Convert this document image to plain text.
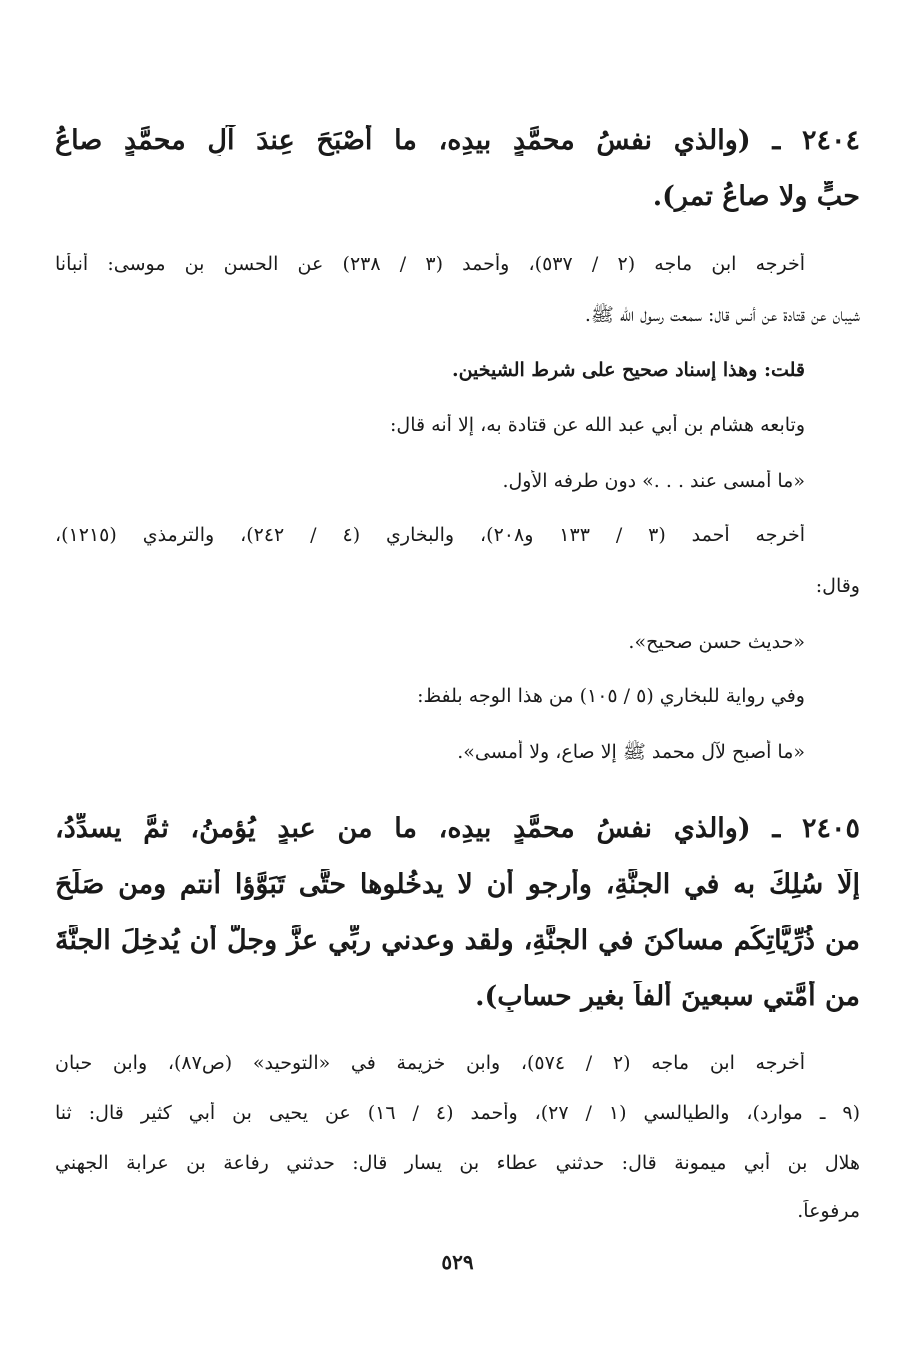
٢٤٠٤ ـ (والذي نفسُ محمَّدٍ بيدِه، ما أَصْبَحَ عِندَ آلِ محمَّدٍ صاعُ
حبٍّ ولا صاعُ تمرٍ).
أخرجه ابن ماجه (٢ / ٥٣٧)، وأحمد (٣ / ٢٣٨) عن الحسن بن موسى: أنبأنا
شيبان عن قتادة عن أنس قال: سمعت رسول الله ﷺ.
قلت: وهذا إسناد صحيح على شرط الشيخين.
وتابعه هشام بن أبي عبد الله عن قتادة به، إلا أنه قال:
«ما أمسى عند . . .» دون طرفه الأول.
أخرجه أحمد (٣ / ١٣٣ و٢٠٨)، والبخاري (٤ / ٢٤٢)، والترمذي (١٢١٥)،
وقال:
«حديث حسن صحيح».
وفي رواية للبخاري (٥ / ١٠٥) من هذا الوجه بلفظ:
«ما أصبح لآل محمد ﷺ إلا صاع، ولا أمسى».
٢٤٠٥ ـ (والذي نفسُ محمَّدٍ بيدِه، ما من عبدٍ يُؤمنُ، ثمَّ يسدِّدُ،
إلَّا سُلِكَ به في الجنَّةِ، وأرجو أن لا يدخُلوها حتَّى تَبَوَّؤا أنتم ومن صَلَحَ
من ذُرِّيَّاتِكُم مساكنَ في الجنَّةِ، ولقد وعدني ربِّي عزَّ وجلَّ أن يُدخِلَ الجنَّةَ
من أُمَّتي سبعينَ ألفاً بغيرِ حسابٍ).
أخرجه ابن ماجه (٢ / ٥٧٤)، وابن خزيمة في «التوحيد» (ص٨٧)، وابن حبان
(٩ ـ موارد)، والطيالسي (١ / ٢٧)، وأحمد (٤ / ١٦) عن يحيى بن أبي كثير قال: ثنا
هلال بن أبي ميمونة قال: حدثني عطاء بن يسار قال: حدثني رفاعة بن عرابة الجهني
مرفوعاً.
٥٢٩
